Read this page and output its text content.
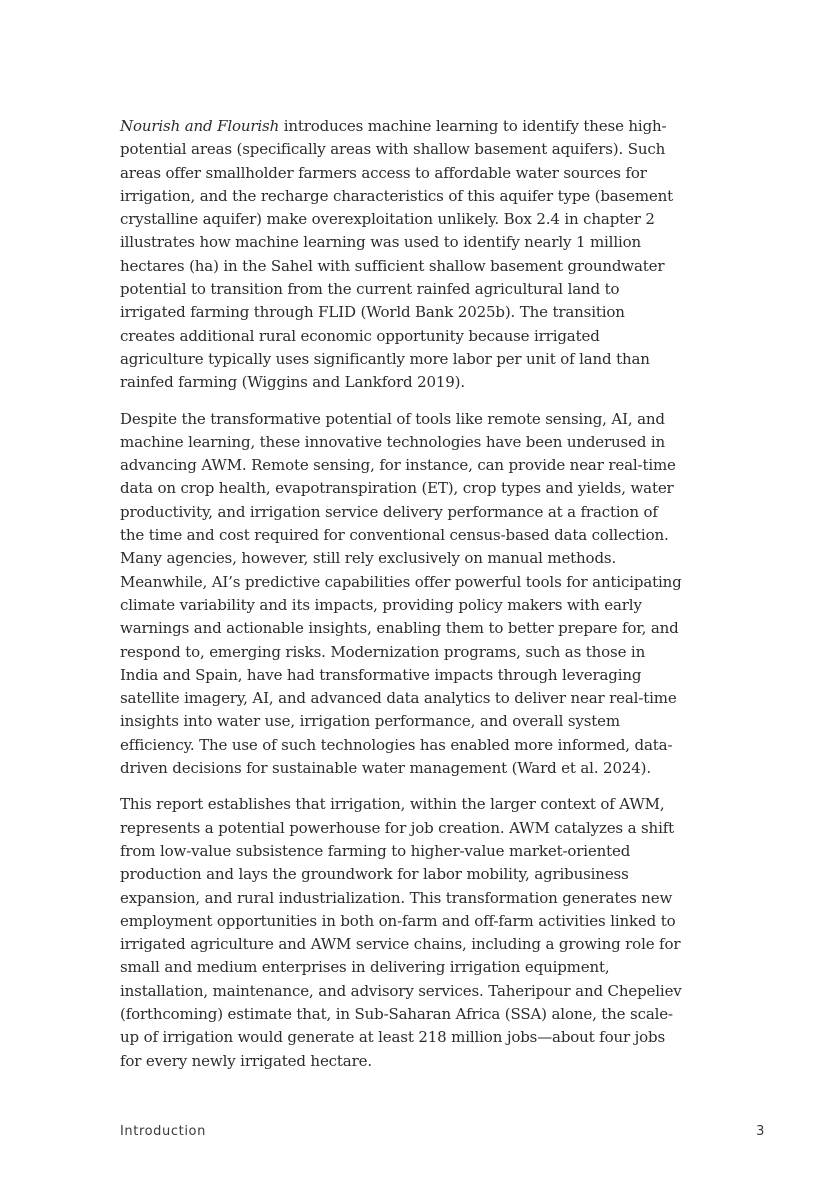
Nourish and Flourish introduces machine learning to identify these high-potential areas (specifically areas with shallow basement aquifers). Such areas offer smallholder farmers access to affordable water sources for irrigation, and the recharge characteristics of this aquifer type (basement crystalline aquifer) make overexploitation unlikely. Box 2.4 in chapter 2 illustrates how machine learning was used to identify nearly 1 million hectares (ha) in the Sahel with sufficient shallow basement groundwater potential to transition from the current rainfed agricultural land to irrigated farming through FLID (World Bank 2025b). The transition creates additional rural economic opportunity because irrigated agriculture typically uses significantly more labor per unit of land than rainfed farming (Wiggins and Lankford 2019).

Despite the transformative potential of tools like remote sensing, AI, and machine learning, these innovative technologies have been underused in advancing AWM. Remote sensing, for instance, can provide near real-time data on crop health, evapotranspiration (ET), crop types and yields, water productivity, and irrigation service delivery performance at a fraction of the time and cost required for conventional census-based data collection. Many agencies, however, still rely exclusively on manual methods. Meanwhile, AI’s predictive capabilities offer powerful tools for anticipating climate variability and its impacts, providing policy makers with early warnings and actionable insights, enabling them to better prepare for, and respond to, emerging risks. Modernization programs, such as those in India and Spain, have had transformative impacts through leveraging satellite imagery, AI, and advanced data analytics to deliver near real-time insights into water use, irrigation performance, and overall system efficiency. The use of such technologies has enabled more informed, data-driven decisions for sustainable water management (Ward et al. 2024).

This report establishes that irrigation, within the larger context of AWM, represents a potential powerhouse for job creation. AWM catalyzes a shift from low-value subsistence farming to higher-value market-oriented production and lays the groundwork for labor mobility, agribusiness expansion, and rural industrialization. This transformation generates new employment opportunities in both on-farm and off-farm activities linked to irrigated agriculture and AWM service chains, including a growing role for small and medium enterprises in delivering irrigation equipment, installation, maintenance, and advisory services. Taheripour and Chepeliev (forthcoming) estimate that, in Sub-Saharan Africa (SSA) alone, the scale-up of irrigation would generate at least 218 million jobs—about four jobs for every newly irrigated hectare.

Introduction	3
